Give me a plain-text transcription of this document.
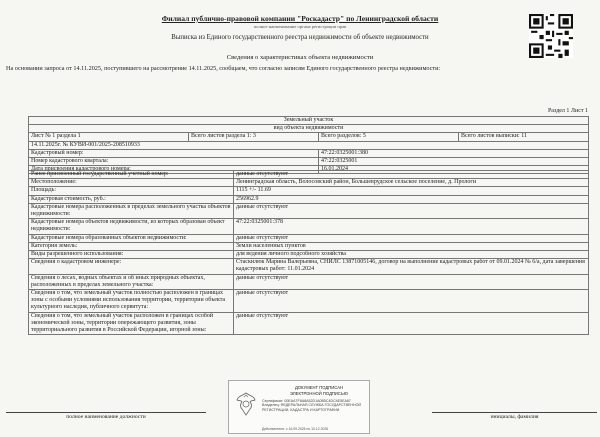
Филиал публично-правовой компании "Роскадастр" по Ленинградской области
полное наименование органа регистрации прав
Выписка из Единого государственного реестра недвижимости об объекте недвижимости
Сведения о характеристиках объекта недвижимости
На основании запроса от 14.11.2025, поступившего на рассмотрение 14.11.2025, сообщаем, что согласно записям Единого государственного реестра недвижимости:
Раздел 1 Лист 1
Земельный участок			
вид объекта недвижимости			
Лист № 1 раздела 1	Всего листов раздела 1: 3	Всего разделов: 5	Всего листов выписки: 11
14.11.2025г. № КУВИ-001/2025-208510933			
Кадастровый номер:		47:22:0325001:380	
Номер кадастрового квартала:		47:22:0325001	
Дата присвоения кадастрового номера:		16.01.2024	
Ранее присвоенный государственный учетный номер:	данные отсутствуют
Местоположение:	Ленинградская область, Волосовский район, Большеврудское сельское поселение, д. Прологи
Площадь:	1115 +/- 11.69
Кадастровая стоимость, руб.:	256962.9
Кадастровые номера расположенных в пределах земельного участка объектов недвижимости:	данные отсутствуют
Кадастровые номера объектов недвижимости, из которых образован объект недвижимости:	47:22:0325001:378
Кадастровые номера образованных объектов недвижимости:	данные отсутствуют
Категория земель:	Земли населенных пунктов
Виды разрешенного использования:	для ведения личного подсобного хозяйства
Сведения о кадастровом инженере:	Стаскилюк Марина Валерьевна, СНИЛС 13871005146, договор на выполнение кадастровых работ от 09.01.2024 № 6/а, дата завершения кадастровых работ: 11.01.2024
Сведения о лесах, водных объектах и об иных природных объектах, расположенных в пределах земельного участка:	данные отсутствуют
Сведения о том, что земельный участок полностью расположен в границах зоны с особыми условиями использования территории, территории объекта культурного наследия, публичного сервитута:	данные отсутствуют
Сведения о том, что земельный участок расположен в границах особой экономической зоны, территории опережающего развития, зоны территориального развития в Российской Федерации, игорной зоны:	данные отсутствуют
ДОКУМЕНТ ПОДПИСАН
ЭЛЕКТРОННОЙ ПОДПИСЬЮ
Сертификат: 00EAA7F8A8A52D1A0B5C4DC4E5EA87 Владелец: ФЕДЕРАЛЬНАЯ СЛУЖБА ГОСУДАРСТВЕННОЙ РЕГИСТРАЦИИ, КАДАСТРА И КАРТОГРАФИИ
Действителен: с 16.09.2025 по 10.12.2026
полное наименование должности	инициалы, фамилия
